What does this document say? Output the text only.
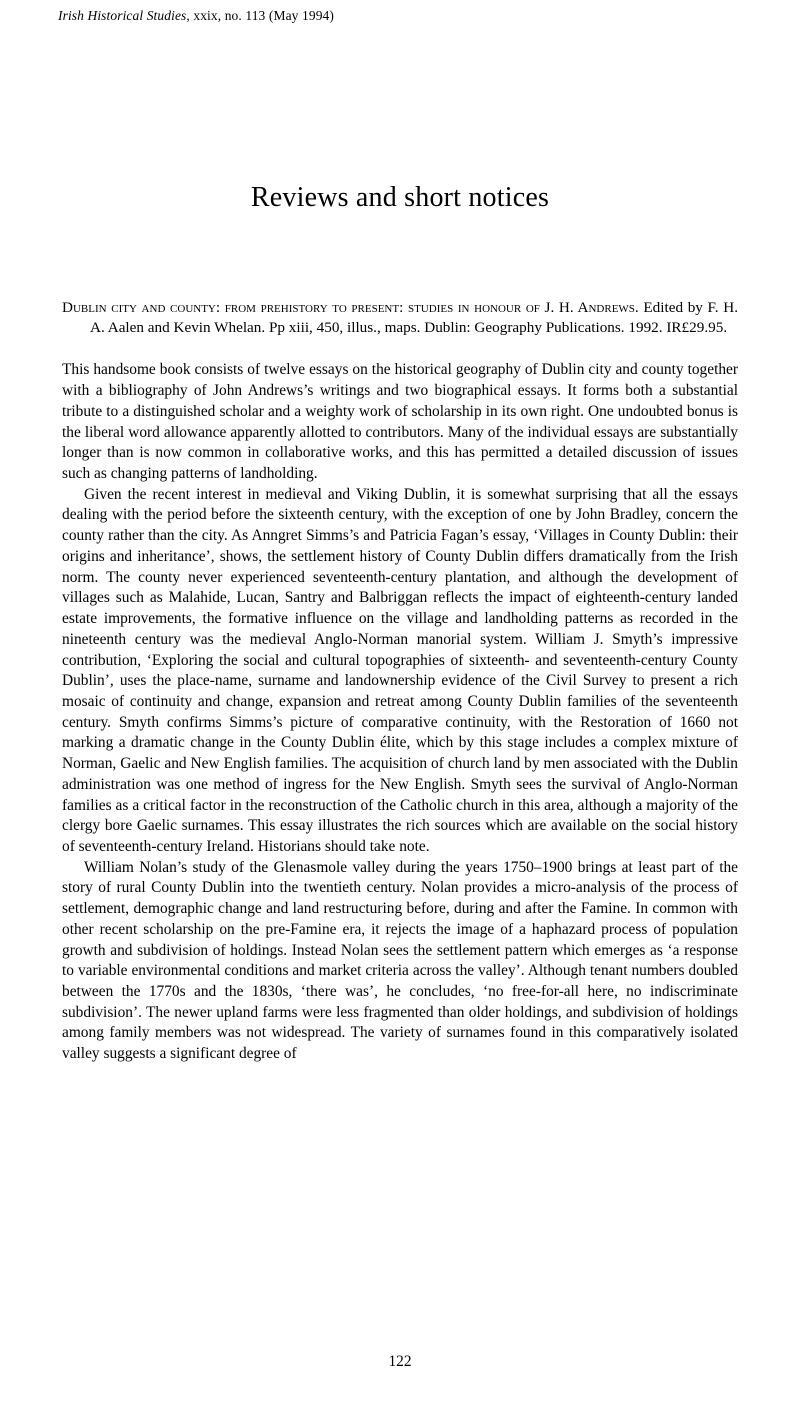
Irish Historical Studies, xxix, no. 113 (May 1994)
Reviews and short notices
Dublin city and county: from prehistory to present: studies in honour of J. H. Andrews. Edited by F. H. A. Aalen and Kevin Whelan. Pp xiii, 450, illus., maps. Dublin: Geography Publications. 1992. IR£29.95.

This handsome book consists of twelve essays on the historical geography of Dublin city and county together with a bibliography of John Andrews’s writings and two biographical essays. It forms both a substantial tribute to a distinguished scholar and a weighty work of scholarship in its own right. One undoubted bonus is the liberal word allowance apparently allotted to contributors. Many of the individual essays are substantially longer than is now common in collaborative works, and this has permitted a detailed discussion of issues such as changing patterns of landholding.

Given the recent interest in medieval and Viking Dublin, it is somewhat surprising that all the essays dealing with the period before the sixteenth century, with the exception of one by John Bradley, concern the county rather than the city. As Anngret Simms’s and Patricia Fagan’s essay, ‘Villages in County Dublin: their origins and inheritance’, shows, the settlement history of County Dublin differs dramatically from the Irish norm. The county never experienced seventeenth-century plantation, and although the development of villages such as Malahide, Lucan, Santry and Balbriggan reflects the impact of eighteenth-century landed estate improvements, the formative influence on the village and landholding patterns as recorded in the nineteenth century was the medieval Anglo-Norman manorial system. William J. Smyth’s impressive contribution, ‘Exploring the social and cultural topographies of sixteenth- and seventeenth-century County Dublin’, uses the place-name, surname and landownership evidence of the Civil Survey to present a rich mosaic of continuity and change, expansion and retreat among County Dublin families of the seventeenth century. Smyth confirms Simms’s picture of comparative continuity, with the Restoration of 1660 not marking a dramatic change in the County Dublin élite, which by this stage includes a complex mixture of Norman, Gaelic and New English families. The acquisition of church land by men associated with the Dublin administration was one method of ingress for the New English. Smyth sees the survival of Anglo-Norman families as a critical factor in the reconstruction of the Catholic church in this area, although a majority of the clergy bore Gaelic surnames. This essay illustrates the rich sources which are available on the social history of seventeenth-century Ireland. Historians should take note.

William Nolan’s study of the Glenasmole valley during the years 1750–1900 brings at least part of the story of rural County Dublin into the twentieth century. Nolan provides a micro-analysis of the process of settlement, demographic change and land restructuring before, during and after the Famine. In common with other recent scholarship on the pre-Famine era, it rejects the image of a haphazard process of population growth and subdivision of holdings. Instead Nolan sees the settlement pattern which emerges as ‘a response to variable environmental conditions and market criteria across the valley’. Although tenant numbers doubled between the 1770s and the 1830s, ‘there was’, he concludes, ‘no free-for-all here, no indiscriminate subdivision’. The newer upland farms were less fragmented than older holdings, and subdivision of holdings among family members was not widespread. The variety of surnames found in this comparatively isolated valley suggests a significant degree of

122
